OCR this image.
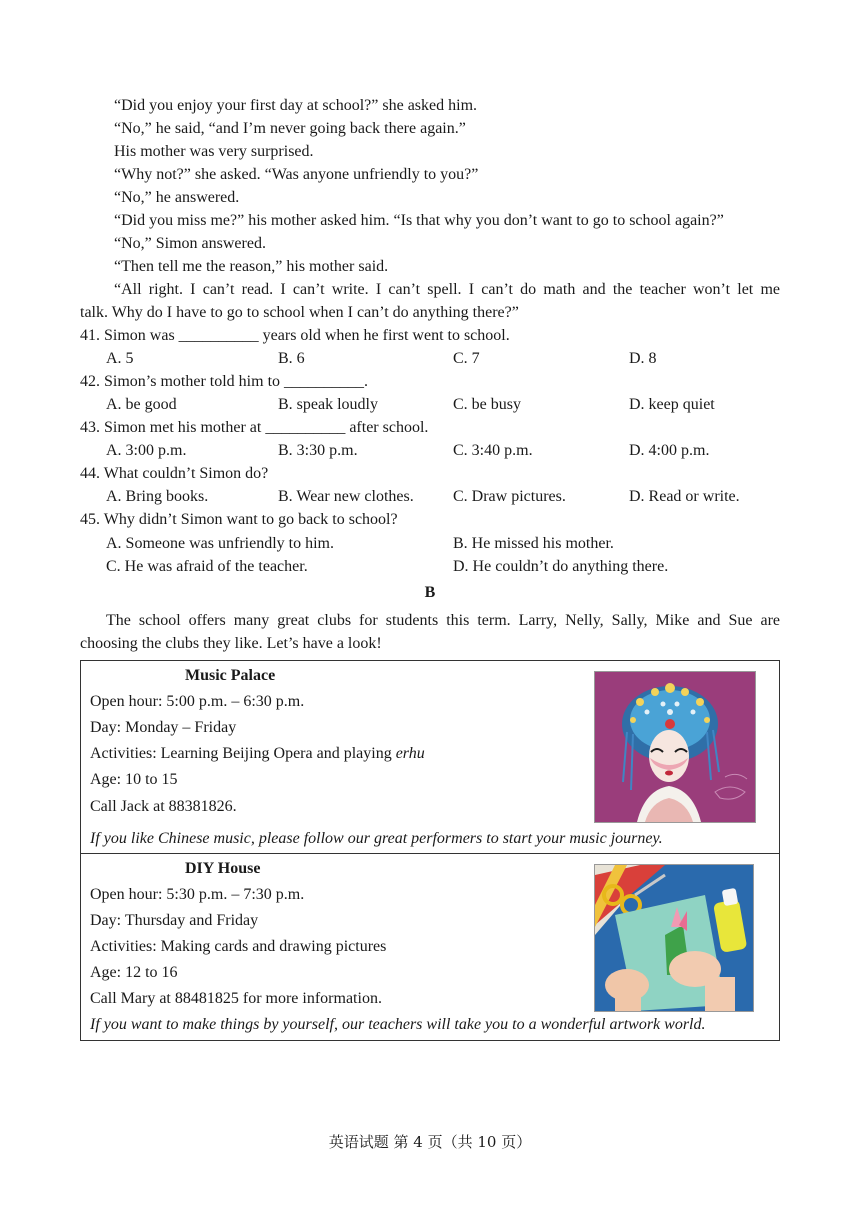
“Did you enjoy your first day at school?” she asked him.
“No,” he said, “and I’m never going back there again.”
His mother was very surprised.
“Why not?” she asked. “Was anyone unfriendly to you?”
“No,” he answered.
“Did you miss me?” his mother asked him. “Is that why you don’t want to go to school again?”
“No,” Simon answered.
“Then tell me the reason,” his mother said.
“All right. I can’t read. I can’t write. I can’t spell. I can’t do math and the teacher won’t let me
talk. Why do I have to go to school when I can’t do anything there?”
41. Simon was __________ years old when he first went to school.
A. 5	B. 6	C. 7	D. 8
42. Simon’s mother told him to __________.
A. be good	B. speak loudly	C. be busy	D. keep quiet
43. Simon met his mother at __________ after school.
A. 3:00 p.m.	B. 3:30 p.m.	C. 3:40 p.m.	D. 4:00 p.m.
44. What couldn’t Simon do?
A. Bring books.	B. Wear new clothes. C. Draw pictures.	D. Read or write.
45. Why didn’t Simon want to go back to school?
A. Someone was unfriendly to him.	B. He missed his mother.
C. He was afraid of the teacher.	D. He couldn’t do anything there.
B
The school offers many great clubs for students this term. Larry, Nelly, Sally, Mike and Sue are
choosing the clubs they like. Let’s have a look!
Music Palace
Open hour: 5:00 p.m. – 6:30 p.m.
Day: Monday – Friday
Activities: Learning Beijing Opera and playing erhu
Age: 10 to 15
Call Jack at 88381826.
If you like Chinese music, please follow our great performers to start your music journey.
DIY House
Open hour: 5:30 p.m. – 7:30 p.m.
Day: Thursday and Friday
Activities: Making cards and drawing pictures
Age: 12 to 16
Call Mary at 88481825 for more information.
If you want to make things by yourself, our teachers will take you to a wonderful artwork world.
英语试题 第 4 页（共 10 页）
